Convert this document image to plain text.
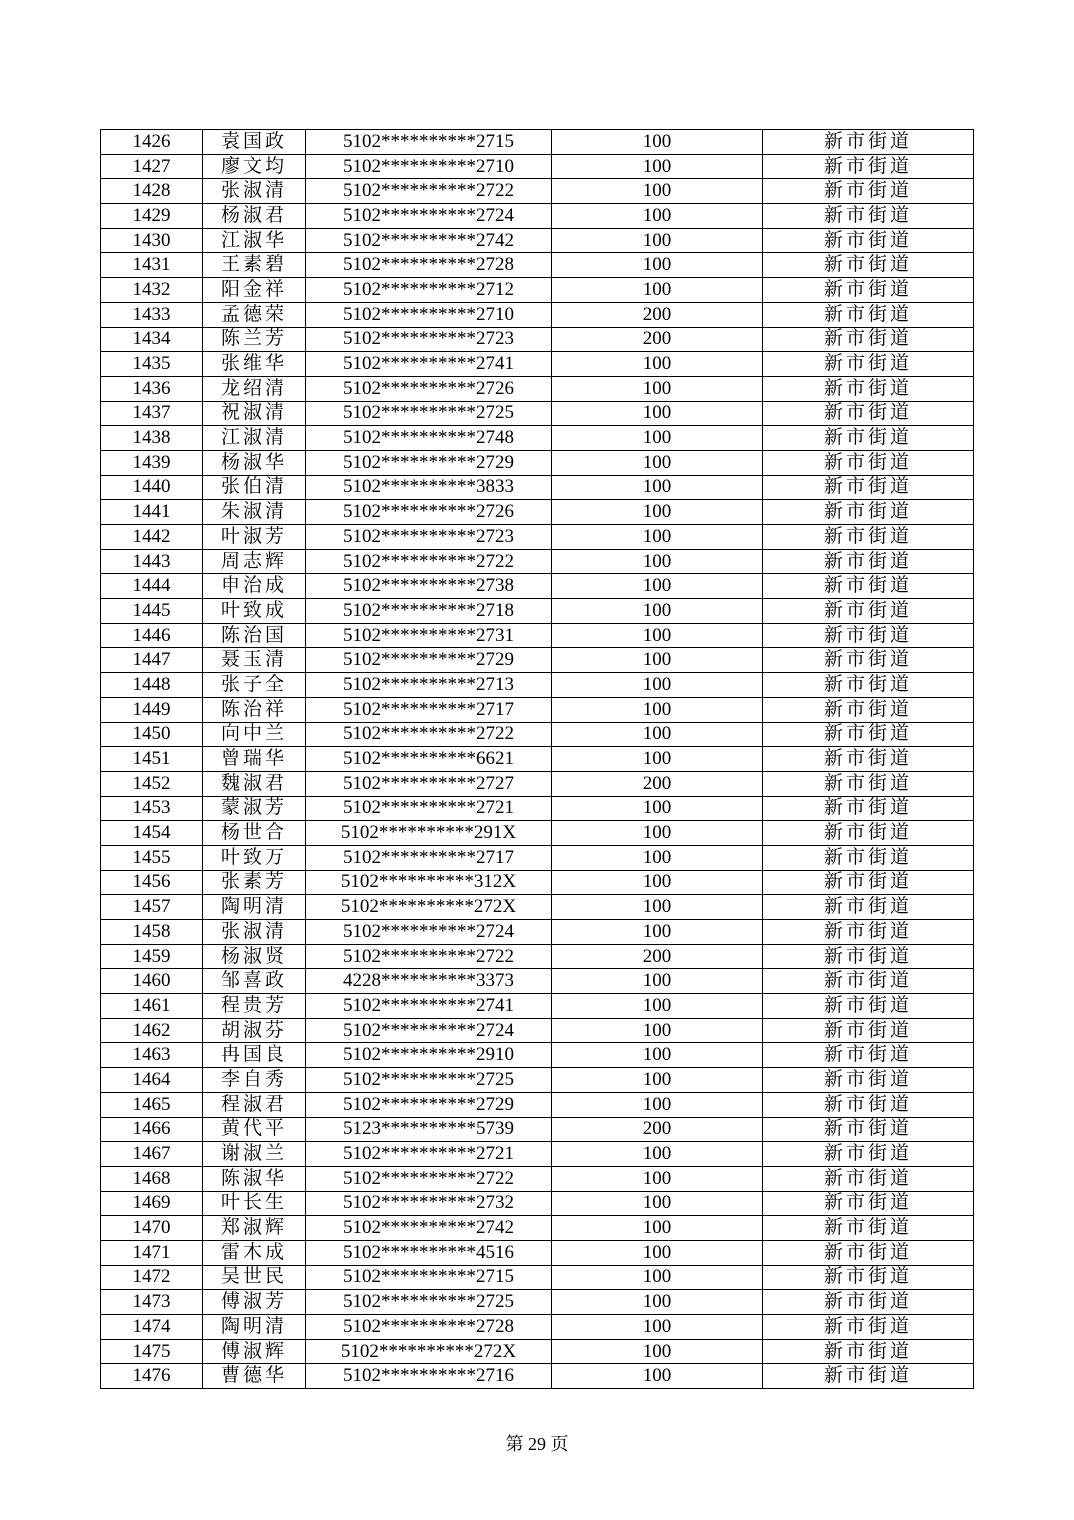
1426	袁国政	5102**********2715	100	新市街道
1427	廖文均	5102**********2710	100	新市街道
1428	张淑清	5102**********2722	100	新市街道
1429	杨淑君	5102**********2724	100	新市街道
1430	江淑华	5102**********2742	100	新市街道
1431	王素碧	5102**********2728	100	新市街道
1432	阳金祥	5102**********2712	100	新市街道
1433	孟德荣	5102**********2710	200	新市街道
1434	陈兰芳	5102**********2723	200	新市街道
1435	张维华	5102**********2741	100	新市街道
1436	龙绍清	5102**********2726	100	新市街道
1437	祝淑清	5102**********2725	100	新市街道
1438	江淑清	5102**********2748	100	新市街道
1439	杨淑华	5102**********2729	100	新市街道
1440	张伯清	5102**********3833	100	新市街道
1441	朱淑清	5102**********2726	100	新市街道
1442	叶淑芳	5102**********2723	100	新市街道
1443	周志辉	5102**********2722	100	新市街道
1444	申治成	5102**********2738	100	新市街道
1445	叶致成	5102**********2718	100	新市街道
1446	陈治国	5102**********2731	100	新市街道
1447	聂玉清	5102**********2729	100	新市街道
1448	张子全	5102**********2713	100	新市街道
1449	陈治祥	5102**********2717	100	新市街道
1450	向中兰	5102**********2722	100	新市街道
1451	曾瑞华	5102**********6621	100	新市街道
1452	魏淑君	5102**********2727	200	新市街道
1453	蒙淑芳	5102**********2721	100	新市街道
1454	杨世合	5102**********291X	100	新市街道
1455	叶致万	5102**********2717	100	新市街道
1456	张素芳	5102**********312X	100	新市街道
1457	陶明清	5102**********272X	100	新市街道
1458	张淑清	5102**********2724	100	新市街道
1459	杨淑贤	5102**********2722	200	新市街道
1460	邹喜政	4228**********3373	100	新市街道
1461	程贵芳	5102**********2741	100	新市街道
1462	胡淑芬	5102**********2724	100	新市街道
1463	冉国良	5102**********2910	100	新市街道
1464	李自秀	5102**********2725	100	新市街道
1465	程淑君	5102**********2729	100	新市街道
1466	黄代平	5123**********5739	200	新市街道
1467	谢淑兰	5102**********2721	100	新市街道
1468	陈淑华	5102**********2722	100	新市街道
1469	叶长生	5102**********2732	100	新市街道
1470	郑淑辉	5102**********2742	100	新市街道
1471	雷木成	5102**********4516	100	新市街道
1472	吴世民	5102**********2715	100	新市街道
1473	傅淑芳	5102**********2725	100	新市街道
1474	陶明清	5102**********2728	100	新市街道
1475	傅淑辉	5102**********272X	100	新市街道
1476	曹德华	5102**********2716	100	新市街道
第 29 页
